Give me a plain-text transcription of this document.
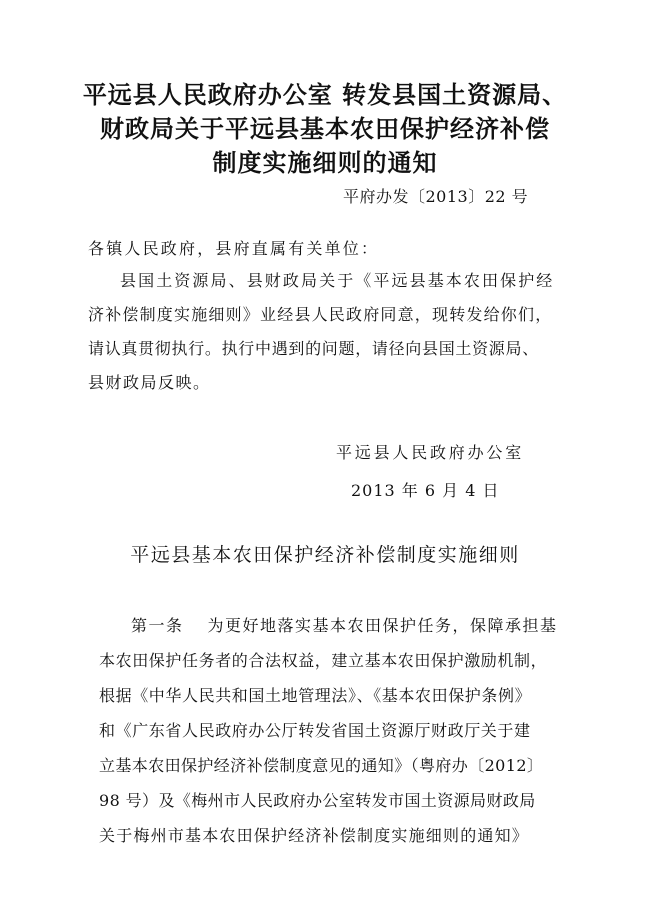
平远县人民政府办公室 转发县国土资源局、
财政局关于平远县基本农田保护经济补偿
制度实施细则的通知
平府办发〔2013〕22 号
各镇人民政府，县府直属有关单位：
县国土资源局、县财政局关于《平远县基本农田保护经
济补偿制度实施细则》业经县人民政府同意，现转发给你们，
请认真贯彻执行。执行中遇到的问题，请径向县国土资源局、
县财政局反映。
平远县人民政府办公室
2013 年 6 月 4 日
平远县基本农田保护经济补偿制度实施细则
第一条 为更好地落实基本农田保护任务，保障承担基
本农田保护任务者的合法权益，建立基本农田保护激励机制，
根据《中华人民共和国土地管理法》、《基本农田保护条例》
和《广东省人民政府办公厅转发省国土资源厅财政厅关于建
立基本农田保护经济补偿制度意见的通知》（粤府办〔2012〕
98 号）及《梅州市人民政府办公室转发市国土资源局财政局
关于梅州市基本农田保护经济补偿制度实施细则的通知》
